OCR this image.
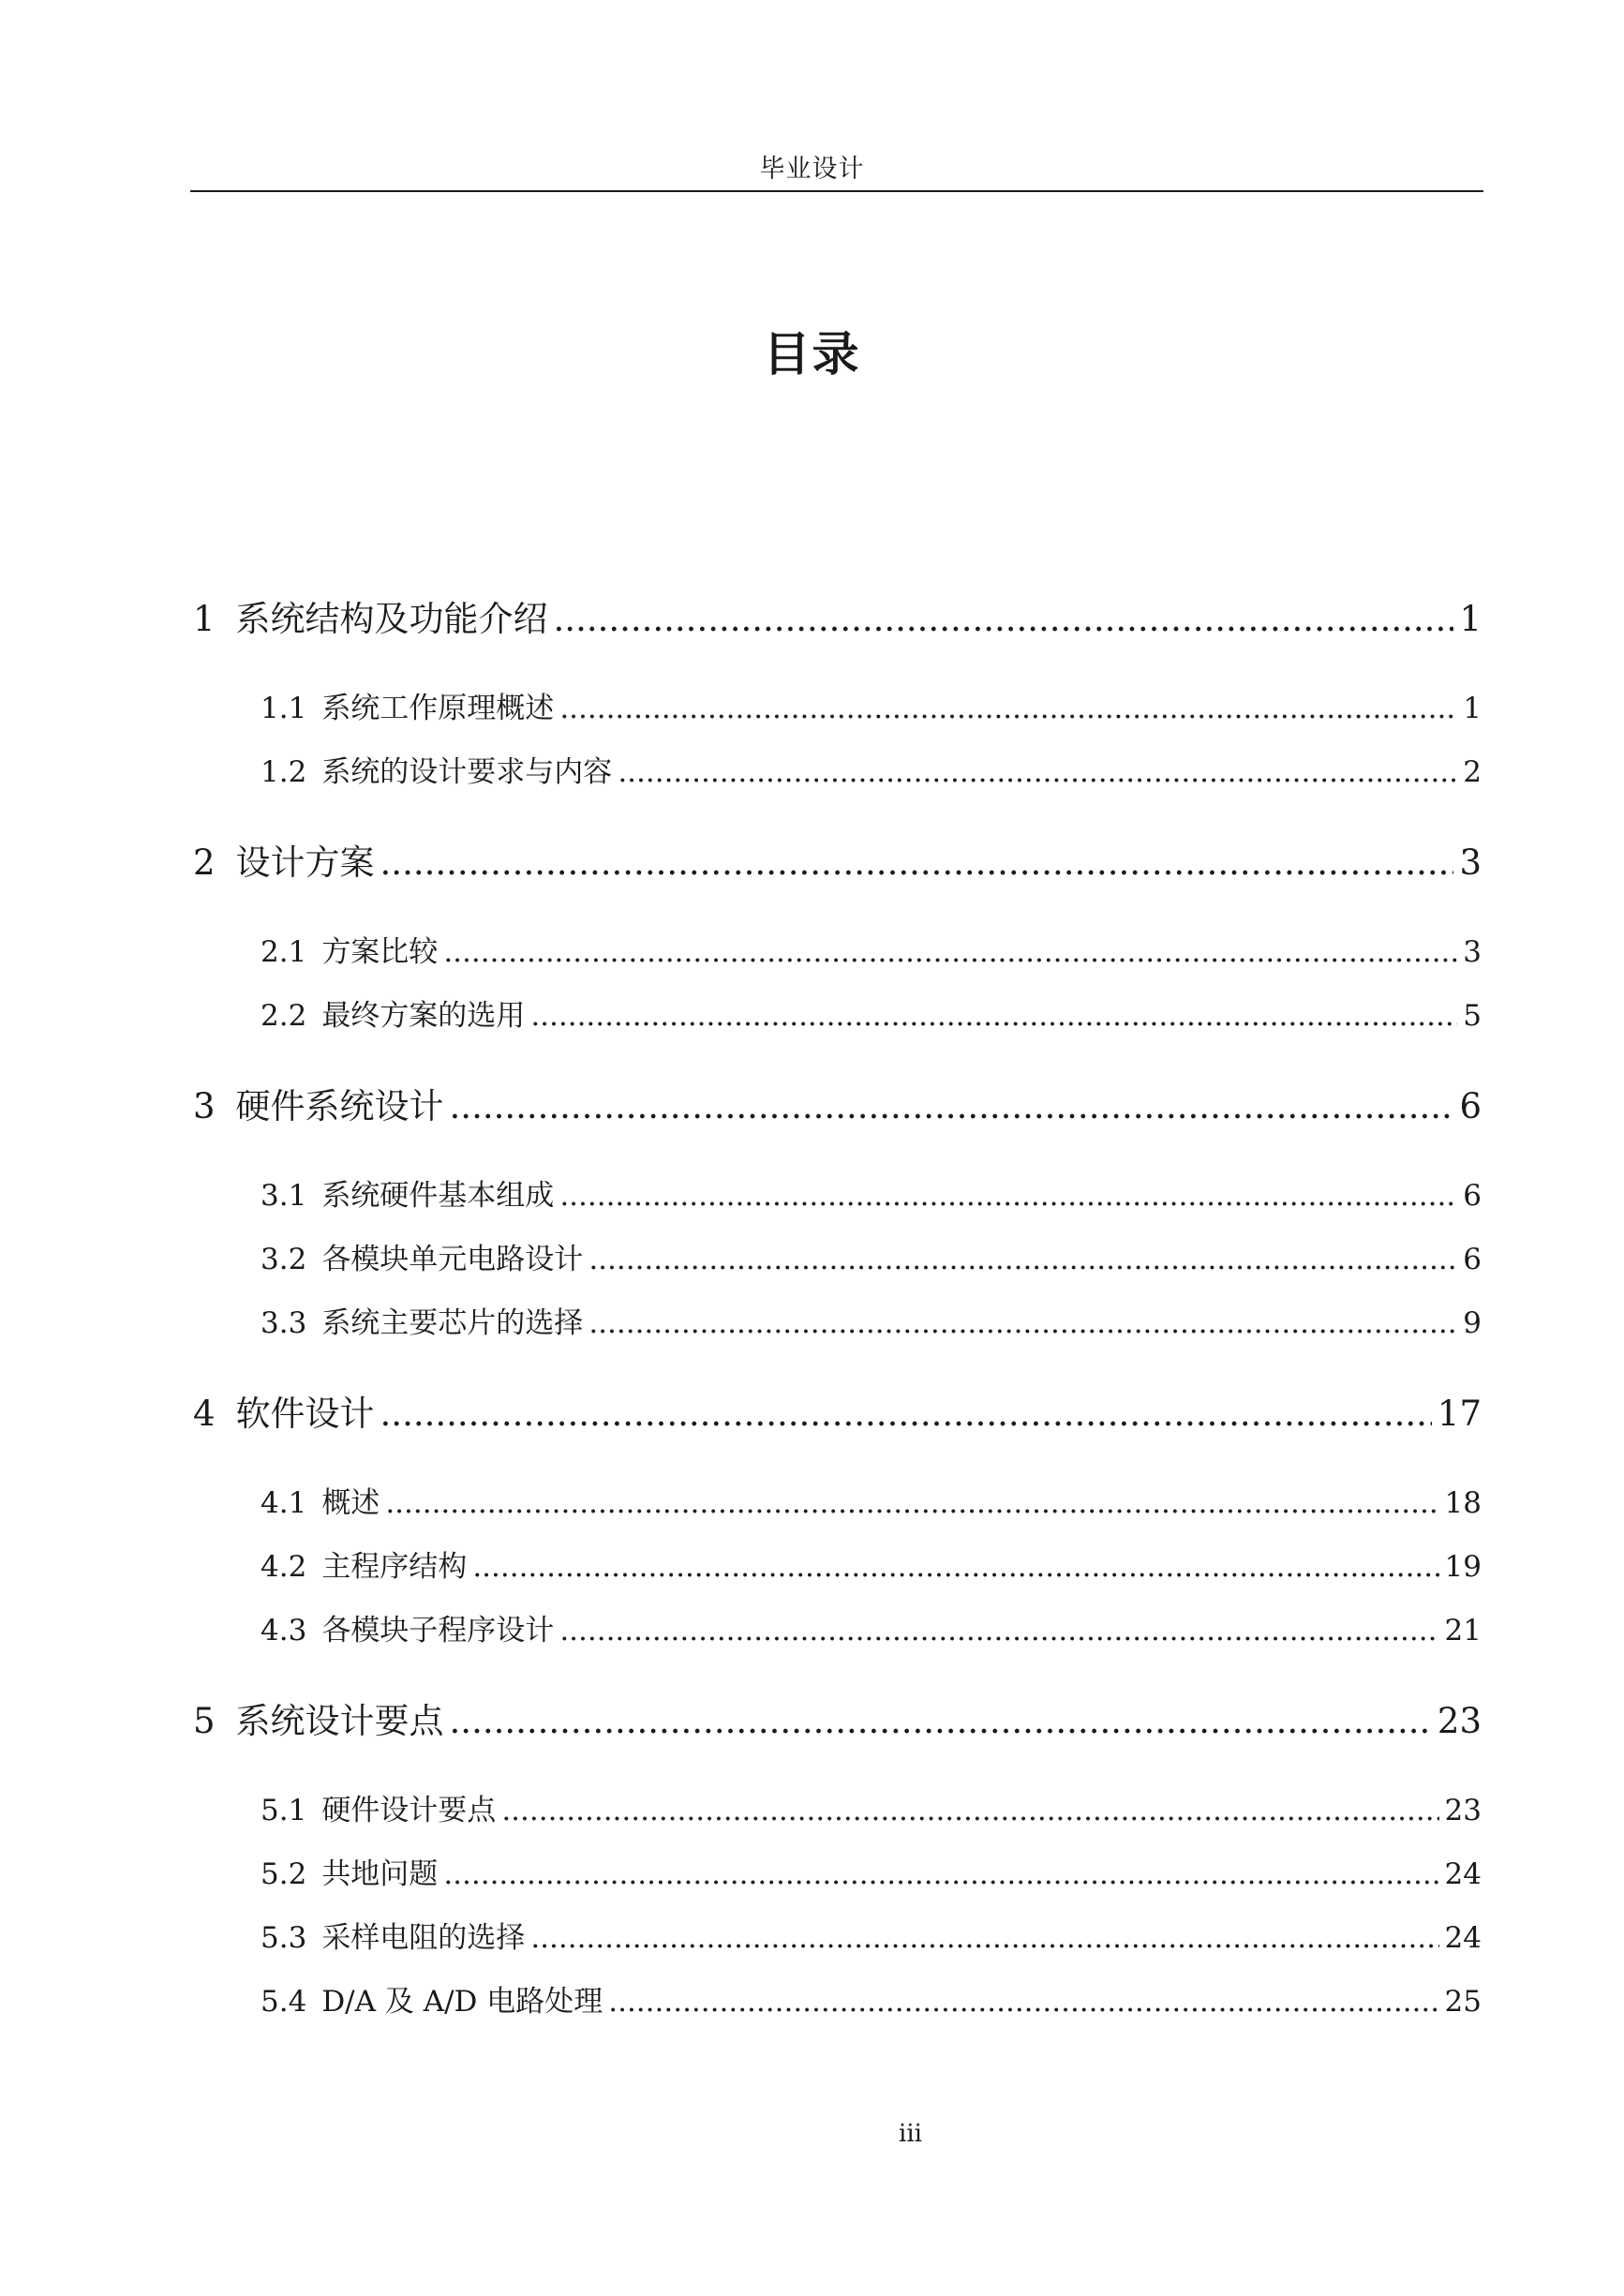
毕业设计
目录
1 系统结构及功能介绍 .....	1
1.1 系统工作原理概述 .....	1
1.2 系统的设计要求与内容 .....	2
2 设计方案 .....	3
2.1 方案比较 .....	3
2.2 最终方案的选用 .....	5
3 硬件系统设计 .....	6
3.1 系统硬件基本组成 .....	6
3.2 各模块单元电路设计 .....	6
3.3 系统主要芯片的选择 .....	9
4 软件设计 .....	17
4.1 概述 .....	18
4.2 主程序结构 .....	19
4.3 各模块子程序设计 .....	21
5 系统设计要点 .....	23
5.1 硬件设计要点 .....	23
5.2 共地问题 .....	24
5.3 采样电阻的选择 .....	24
5.4 D/A 及 A/D 电路处理 .....	25
iii
